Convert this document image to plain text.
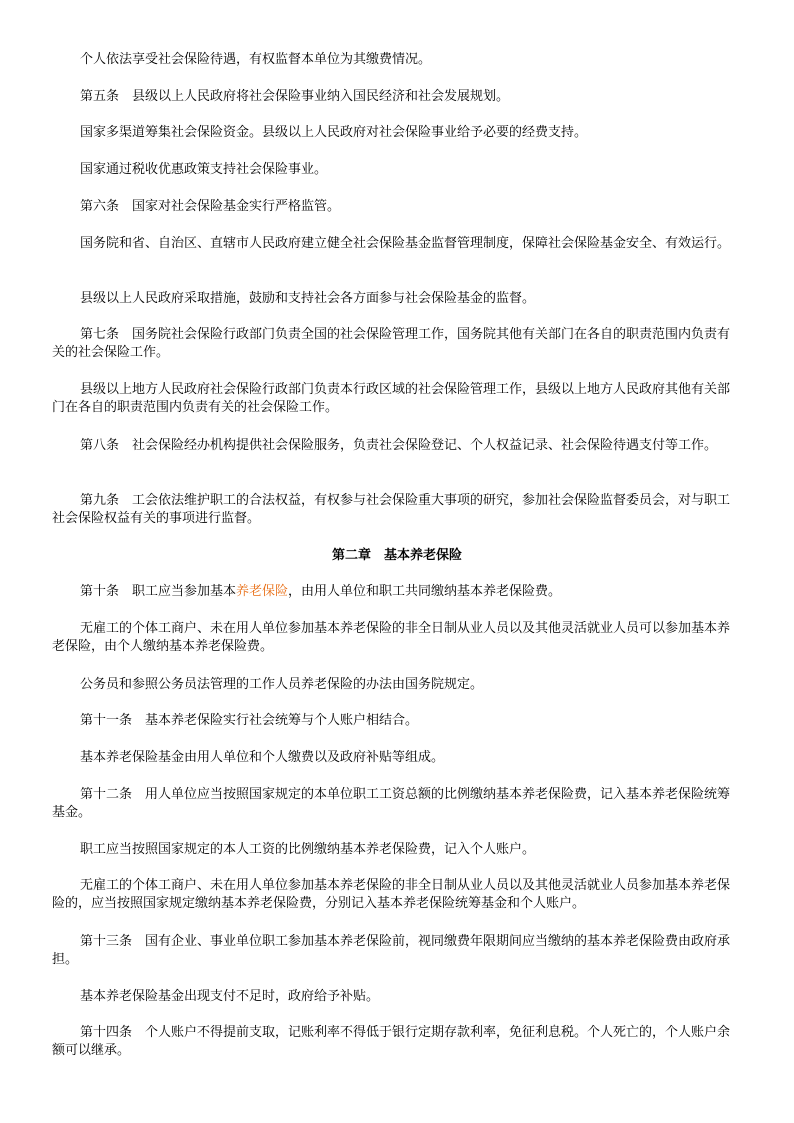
个人依法享受社会保险待遇，有权监督本单位为其缴费情况。

第五条　县级以上人民政府将社会保险事业纳入国民经济和社会发展规划。

国家多渠道筹集社会保险资金。县级以上人民政府对社会保险事业给予必要的经费支持。

国家通过税收优惠政策支持社会保险事业。

第六条　国家对社会保险基金实行严格监管。

国务院和省、自治区、直辖市人民政府建立健全社会保险基金监督管理制度，保障社会保险基金安全、有效运行。

县级以上人民政府采取措施，鼓励和支持社会各方面参与社会保险基金的监督。

第七条　国务院社会保险行政部门负责全国的社会保险管理工作，国务院其他有关部门在各自的职责范围内负责有关的社会保险工作。

县级以上地方人民政府社会保险行政部门负责本行政区域的社会保险管理工作，县级以上地方人民政府其他有关部门在各自的职责范围内负责有关的社会保险工作。

第八条　社会保险经办机构提供社会保险服务，负责社会保险登记、个人权益记录、社会保险待遇支付等工作。

第九条　工会依法维护职工的合法权益，有权参与社会保险重大事项的研究，参加社会保险监督委员会，对与职工社会保险权益有关的事项进行监督。

第二章　基本养老保险

第十条　职工应当参加基本养老保险，由用人单位和职工共同缴纳基本养老保险费。

无雇工的个体工商户、未在用人单位参加基本养老保险的非全日制从业人员以及其他灵活就业人员可以参加基本养老保险，由个人缴纳基本养老保险费。

公务员和参照公务员法管理的工作人员养老保险的办法由国务院规定。

第十一条　基本养老保险实行社会统筹与个人账户相结合。

基本养老保险基金由用人单位和个人缴费以及政府补贴等组成。

第十二条　用人单位应当按照国家规定的本单位职工工资总额的比例缴纳基本养老保险费，记入基本养老保险统筹基金。

职工应当按照国家规定的本人工资的比例缴纳基本养老保险费，记入个人账户。

无雇工的个体工商户、未在用人单位参加基本养老保险的非全日制从业人员以及其他灵活就业人员参加基本养老保险的，应当按照国家规定缴纳基本养老保险费，分别记入基本养老保险统筹基金和个人账户。

第十三条　国有企业、事业单位职工参加基本养老保险前，视同缴费年限期间应当缴纳的基本养老保险费由政府承担。

基本养老保险基金出现支付不足时，政府给予补贴。

第十四条　个人账户不得提前支取，记账利率不得低于银行定期存款利率，免征利息税。个人死亡的，个人账户余额可以继承。
